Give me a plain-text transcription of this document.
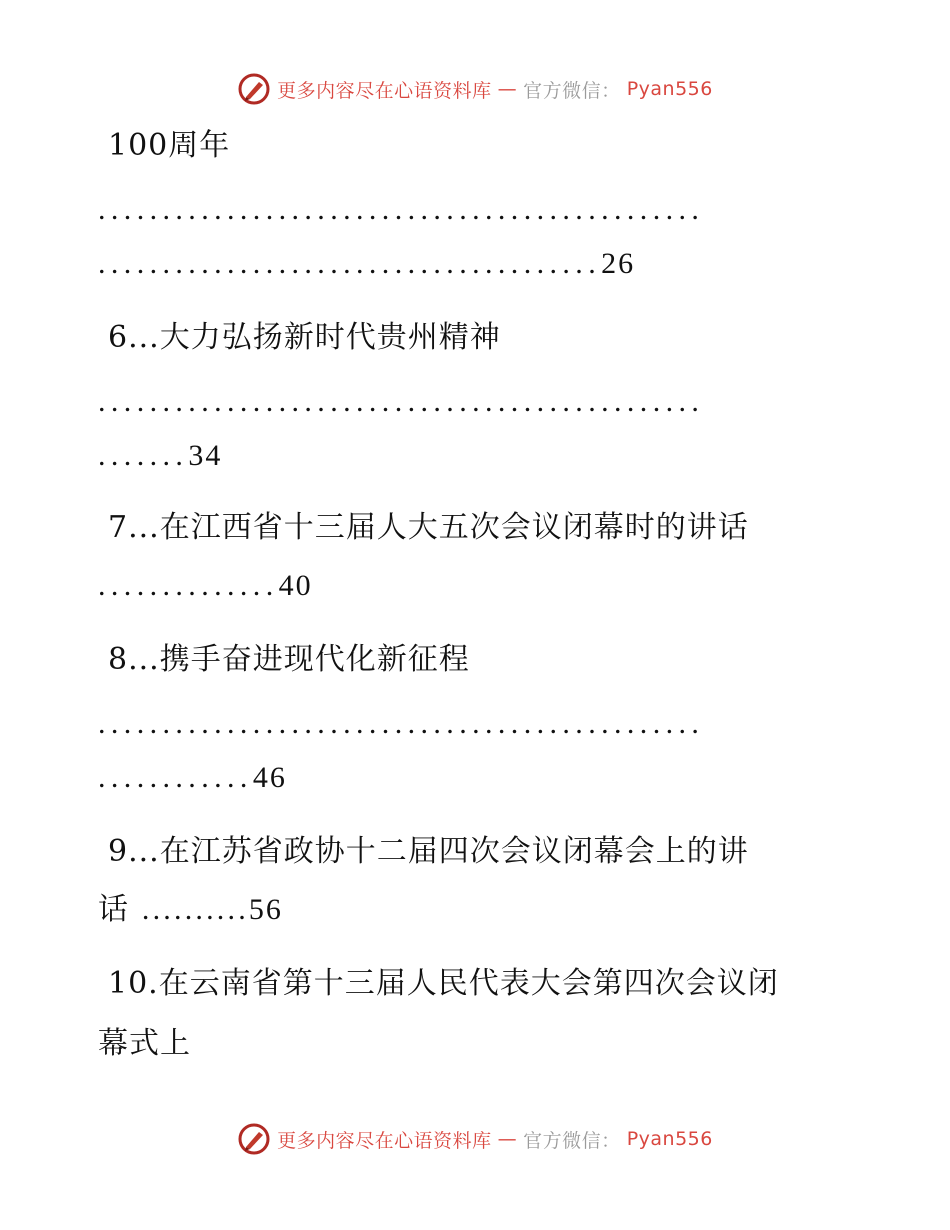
更多内容尽在心语资料库 — 官方微信： Pyan556
100周年
...............................................
.......................................26
6...大力弘扬新时代贵州精神
...............................................
.......34
7...在江西省十三届人大五次会议闭幕时的讲话
..............40
8...携手奋进现代化新征程
...............................................
............46
9...在江苏省政协十二届四次会议闭幕会上的讲
话 ..........56
10.在云南省第十三届人民代表大会第四次会议闭
幕式上
更多内容尽在心语资料库 — 官方微信： Pyan556
